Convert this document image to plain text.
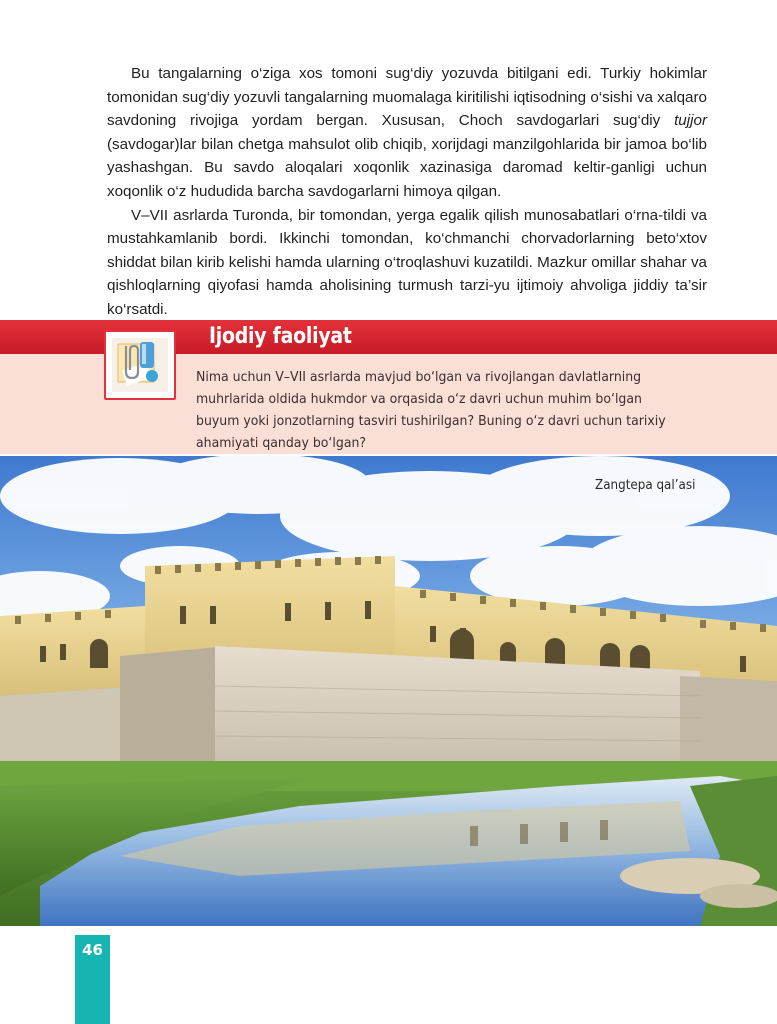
Bu tangalarning o‘ziga xos tomoni sug‘diy yozuvda bitilgani edi. Turkiy hokimlar tomonidan sug‘diy yozuvli tangalarning muomalaga kiritilishi iqtisodning o‘sishi va xalqaro savdoning rivojiga yordam bergan. Xususan, Choch savdogarlari sug‘diy tujjor (savdogar)lar bilan chetga mahsulot olib chiqib, xorijdagi manzilgohlarida bir jamoa bo‘lib yashashgan. Bu savdo aloqalari xoqonlik xazinasiga daromad keltir-ganligi uchun xoqonlik o‘z hududida barcha savdogarlarni himoya qilgan.

V–VII asrlarda Turonda, bir tomondan, yerga egalik qilish munosabatlari o‘rna-tildi va mustahkamlanib bordi. Ikkinchi tomondan, ko‘chmanchi chorvadorlarning beto‘xtov shiddat bilan kirib kelishi hamda ularning o‘troqlashuvi kuzatildi. Mazkur omillar shahar va qishloqlarning qiyofasi hamda aholisining turmush tarzi-yu ijtimoiy ahvoliga jiddiy ta’sir ko‘rsatdi.

Ijodiy faoliyat
Nima uchun V–VII asrlarda mavjud bo‘lgan va rivojlangan davlatlarning muhrlarida oldida hukmdor va orqasida o‘z davri uchun muhim bo‘lgan buyum yoki jonzotlarning tasviri tushirilgan? Buning o‘z davri uchun tarixiy ahamiyati qanday bo‘lgan?
Zangtepa qal’asi
46
